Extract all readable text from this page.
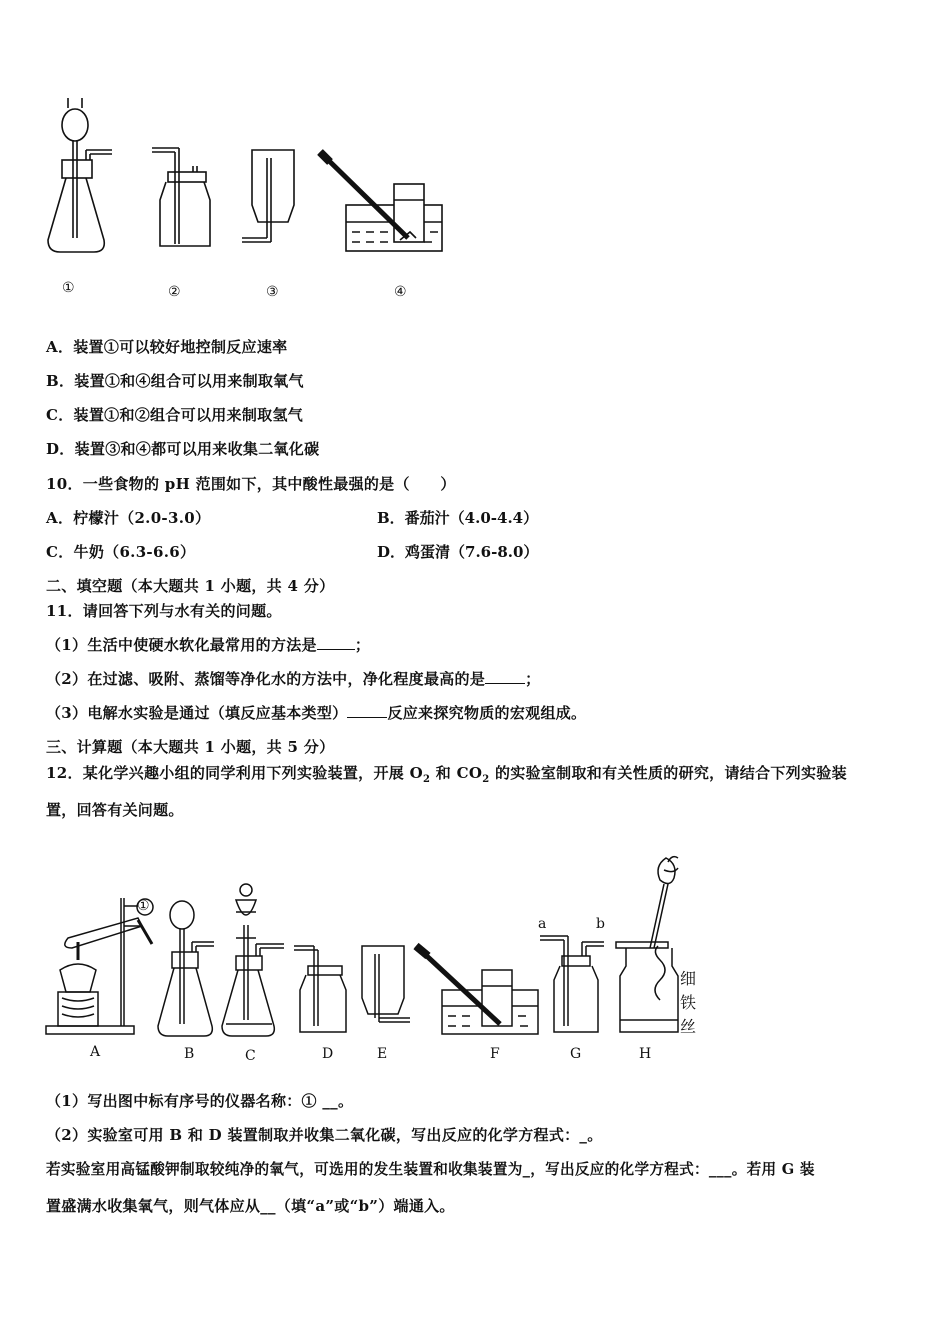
①	②	③	④
A．装置①可以较好地控制反应速率
B．装置①和④组合可以用来制取氧气
C．装置①和②组合可以用来制取氢气
D．装置③和④都可以用来收集二氧化碳
10．一些食物的 pH 范围如下，其中酸性最强的是（　　）
A．柠檬汁（2.0-3.0）	B．番茄汁（4.0-4.4）
C．牛奶（6.3-6.6）	D．鸡蛋清（7.6-8.0）
二、填空题（本大题共 1 小题，共 4 分）
11．请回答下列与水有关的问题。
（1）生活中使硬水软化最常用的方法是	；
（2）在过滤、吸附、蒸馏等净化水的方法中，净化程度最高的是	；
（3）电解水实验是通过（填反应基本类型）	反应来探究物质的宏观组成。
三、计算题（本大题共 1 小题，共 5 分）
12．某化学兴趣小组的同学利用下列实验装置，开展 $O_2$ 和 $CO_2$ 的实验室制取和有关性质的研究，请结合下列实验装
置，回答有关问题。
①
a	b
细
铁
丝
A	B	C	D	E	F	G	H
（1）写出图中标有序号的仪器名称：① __。
（2）实验室可用 B 和 D 装置制取并收集二氧化碳，写出反应的化学方程式：_。
若实验室用高锰酸钾制取较纯净的氧气，可选用的发生装置和收集装置为_，写出反应的化学方程式：___。若用 G 装
置盛满水收集氧气，则气体应从__（填“a”或“b”）端通入。
